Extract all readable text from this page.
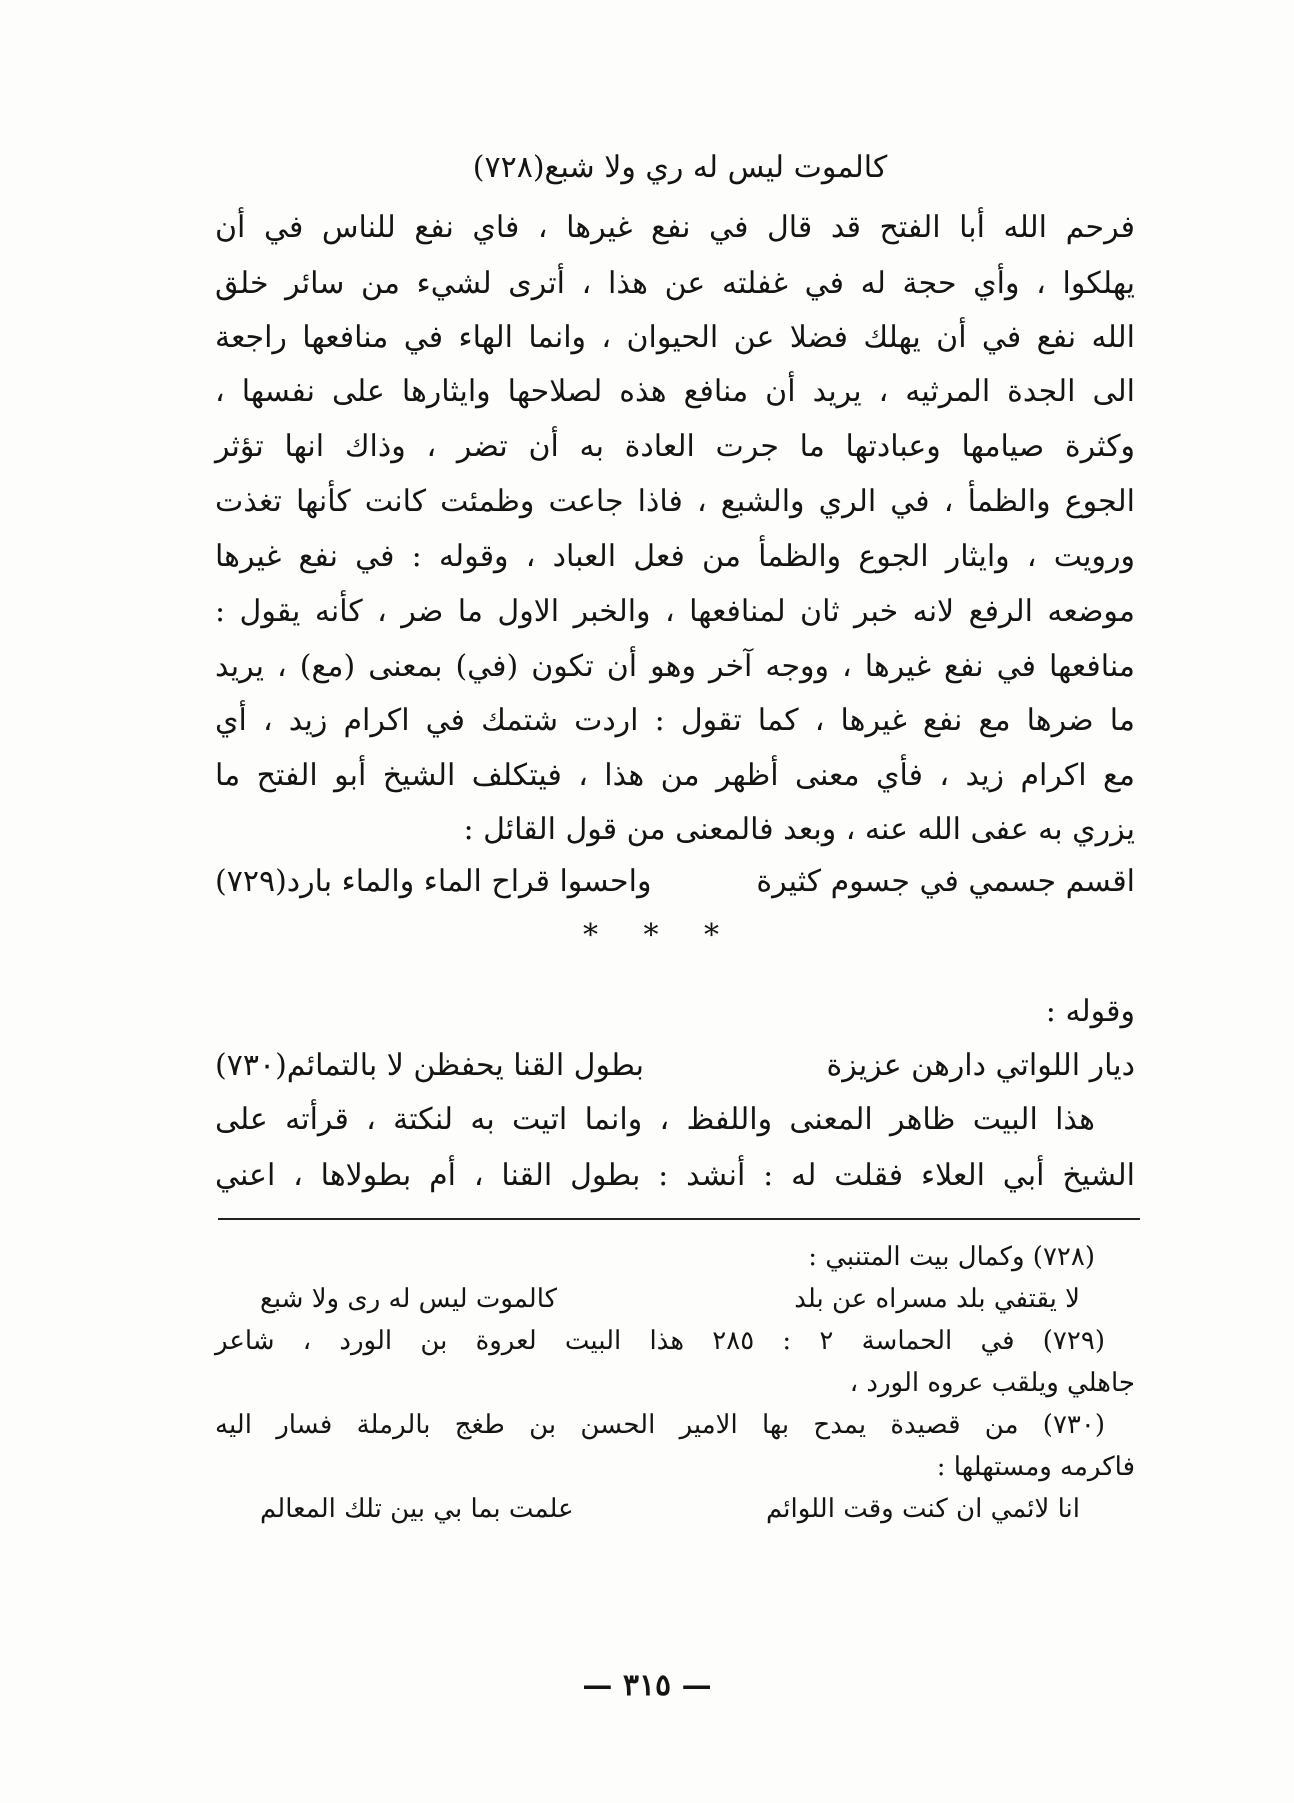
كالموت ليس له ري ولا شبع(٧٢٨)
فرحم الله أبا الفتح قد قال في نفع غيرها ، فاي نفع للناس في أن
يهلكوا ، وأي حجة له في غفلته عن هذا ، أترى لشيء من سائر خلق
الله نفع في أن يهلك فضلا عن الحيوان ، وانما الهاء في منافعها راجعة
الى الجدة المرثيه ، يريد أن منافع هذه لصلاحها وايثارها على نفسها ،
وكثرة صيامها وعبادتها ما جرت العادة به أن تضر ، وذاك انها تؤثر
الجوع والظمأ ، في الري والشبع ، فاذا جاعت وظمئت كانت كأنها تغذت
ورويت ، وايثار الجوع والظمأ من فعل العباد ، وقوله : في نفع غيرها
موضعه الرفع لانه خبر ثان لمنافعها ، والخبر الاول ما ضر ، كأنه يقول :
منافعها في نفع غيرها ، ووجه آخر وهو أن تكون (في) بمعنى (مع) ، يريد
ما ضرها مع نفع غيرها ، كما تقول : اردت شتمك في اكرام زيد ، أي
مع اكرام زيد ، فأي معنى أظهر من هذا ، فيتكلف الشيخ أبو الفتح ما
يزري به عفى الله عنه ، وبعد فالمعنى من قول القائل :
اقسم جسمي في جسوم كثيرة
واحسوا قراح الماء والماء بارد(٧٢٩)
* * *
وقوله :
ديار اللواتي دارهن عزيزة
بطول القنا يحفظن لا بالتمائم(٧٣٠)
هذا البيت ظاهر المعنى واللفظ ، وانما اتيت به لنكتة ، قرأته على
الشيخ أبي العلاء فقلت له : أنشد : بطول القنا ، أم بطولاها ، اعني
(٧٢٨) وكمال بيت المتنبي :
لا يقتفي بلد مسراه عن بلد
كالموت ليس له رى ولا شبع
(٧٢٩) في الحماسة ٢ : ٢٨٥ هذا البيت لعروة بن الورد ، شاعر
جاهلي ويلقب عروه الورد ،
(٧٣٠) من قصيدة يمدح بها الامير الحسن بن طغج بالرملة فسار اليه
فاكرمه ومستهلها :
انا لائمي ان كنت وقت اللوائم
علمت بما بي بين تلك المعالم
— ٣١٥ —
